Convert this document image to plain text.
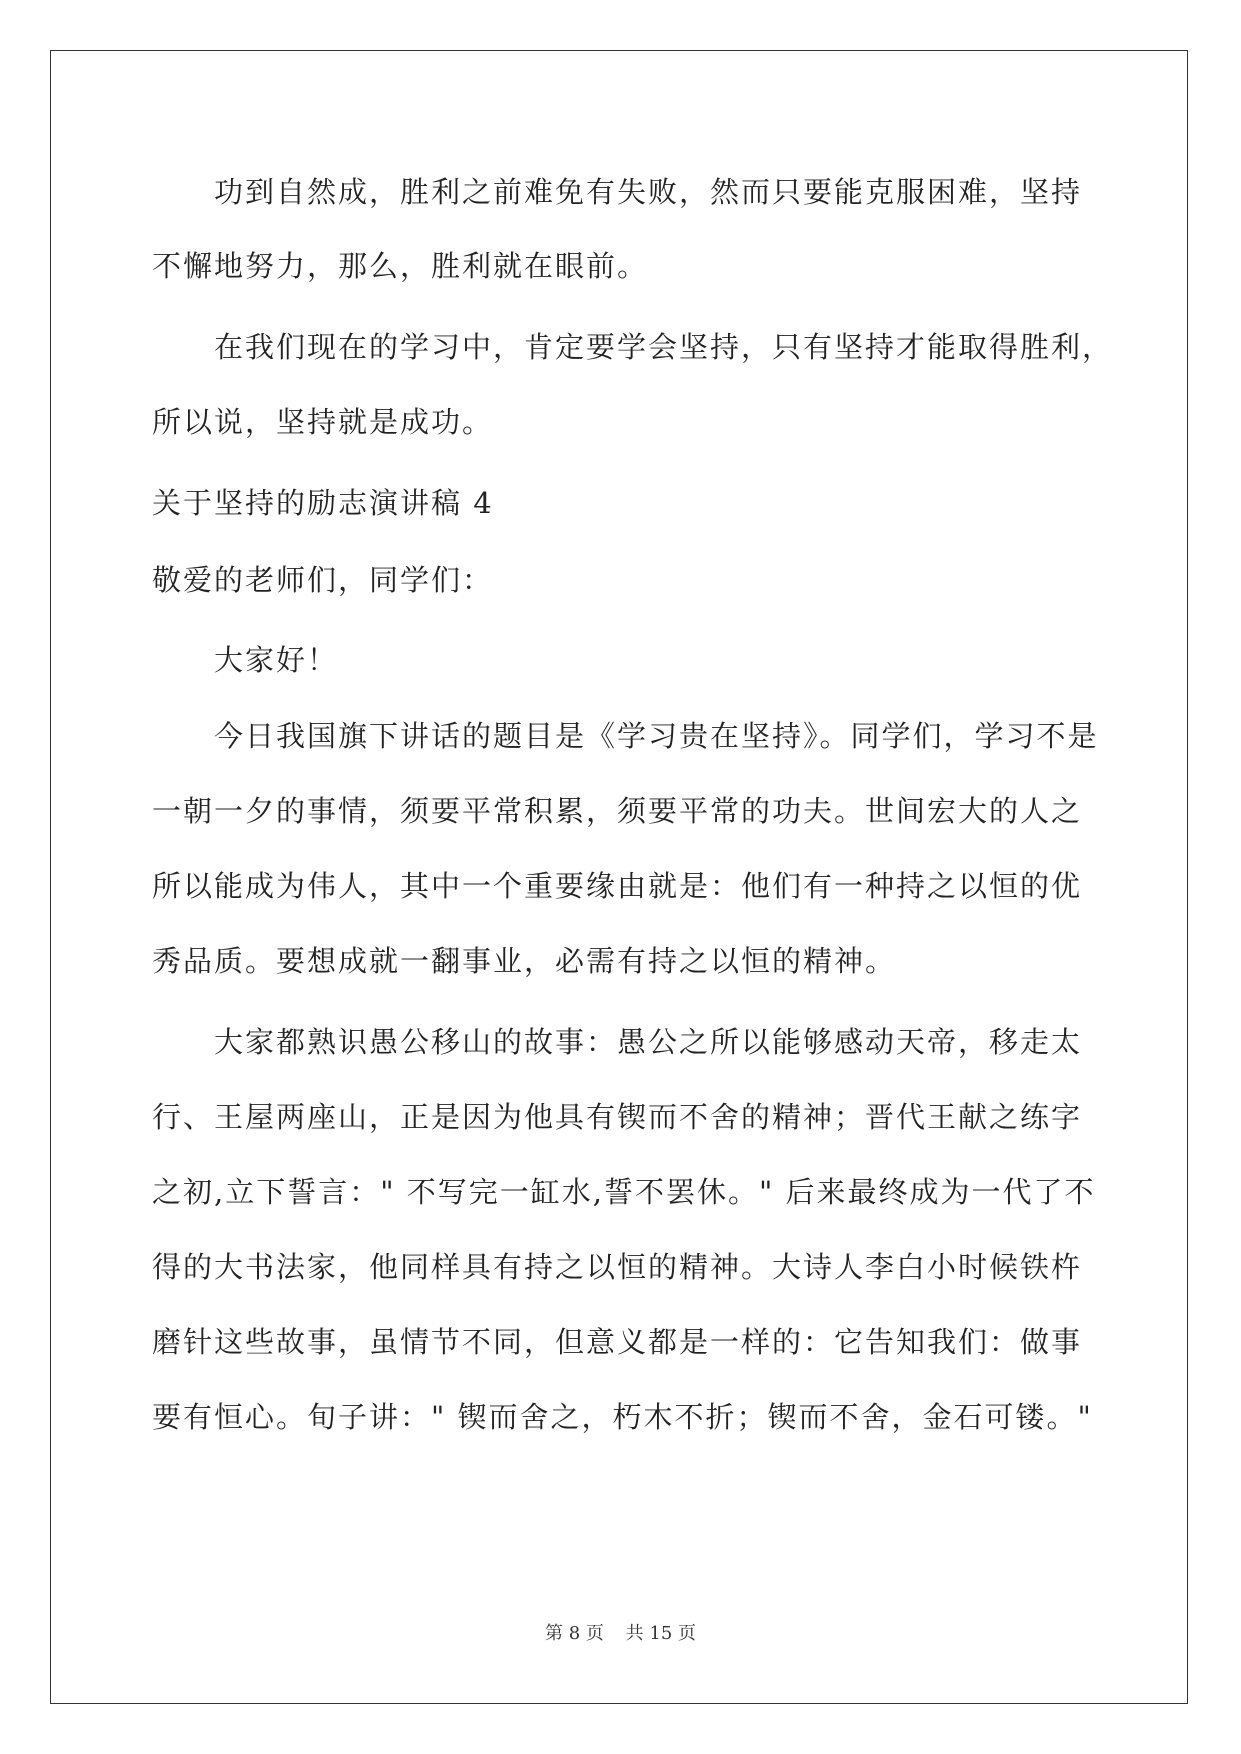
功到自然成，胜利之前难免有失败，然而只要能克服困难，坚持
不懈地努力，那么，胜利就在眼前。
在我们现在的学习中，肯定要学会坚持，只有坚持才能取得胜利，
所以说，坚持就是成功。
关于坚持的励志演讲稿 4
敬爱的老师们，同学们：
大家好！
今日我国旗下讲话的题目是《学习贵在坚持》。同学们，学习不是
一朝一夕的事情，须要平常积累，须要平常的功夫。世间宏大的人之
所以能成为伟人，其中一个重要缘由就是：他们有一种持之以恒的优
秀品质。要想成就一翻事业，必需有持之以恒的精神。
大家都熟识愚公移山的故事：愚公之所以能够感动天帝，移走太
行、王屋两座山，正是因为他具有锲而不舍的精神；晋代王献之练字
之初,立下誓言：" 不写完一缸水,誓不罢休。" 后来最终成为一代了不
得的大书法家，他同样具有持之以恒的精神。大诗人李白小时候铁杵
磨针这些故事，虽情节不同，但意义都是一样的：它告知我们：做事
要有恒心。旬子讲：" 锲而舍之，朽木不折；锲而不舍，金石可镂。"
第 8 页 共 15 页
